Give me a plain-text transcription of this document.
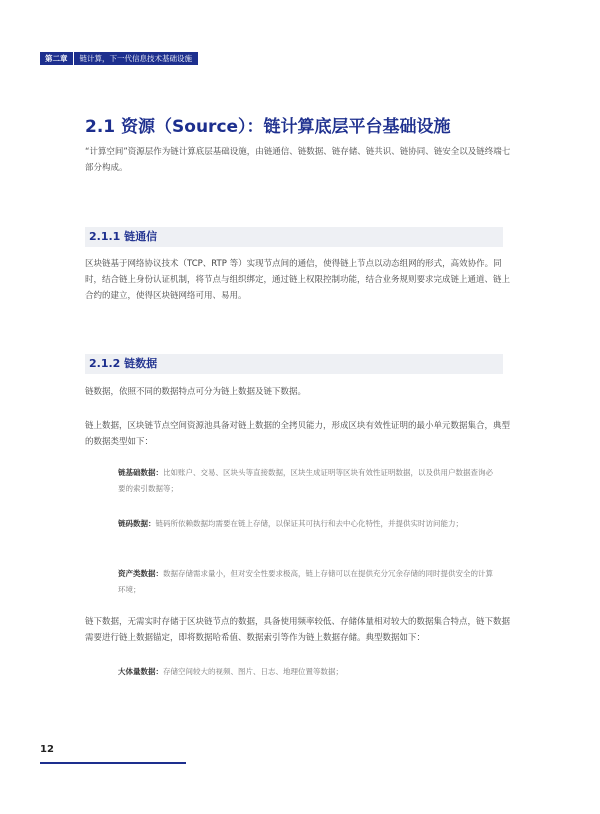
第二章	链计算，下一代信息技术基础设施
2.1 资源（Source）：链计算底层平台基础设施

“计算空间”资源层作为链计算底层基础设施，由链通信、链数据、链存储、链共识、链协同、链安全以及链终端七部分构成。

2.1.1 链通信

区块链基于网络协议技术（TCP、RTP 等）实现节点间的通信，使得链上节点以动态组网的形式，高效协作。同时，结合链上身份认证机制，将节点与组织绑定，通过链上权限控制功能，结合业务规则要求完成链上通道、链上合约的建立，使得区块链网络可用、易用。

2.1.2 链数据

链数据，依照不同的数据特点可分为链上数据及链下数据。

链上数据，区块链节点空间资源池具备对链上数据的全拷贝能力，形成区块有效性证明的最小单元数据集合，典型的数据类型如下：

链基础数据：比如账户、交易、区块头等直接数据，区块生成证明等区块有效性证明数据，以及供用户数据查询必要的索引数据等；

链码数据：链码所依赖数据均需要在链上存储，以保证其可执行和去中心化特性，并提供实时访问能力；

资产类数据：数据存储需求量小，但对安全性要求极高，链上存储可以在提供充分冗余存储的同时提供安全的计算环境；

链下数据，无需实时存储于区块链节点的数据，具备使用频率较低、存储体量相对较大的数据集合特点，链下数据需要进行链上数据锚定，即将数据哈希值、数据索引等作为链上数据存储。典型数据如下：

大体量数据：存储空间较大的视频、图片、日志、地理位置等数据；

12
